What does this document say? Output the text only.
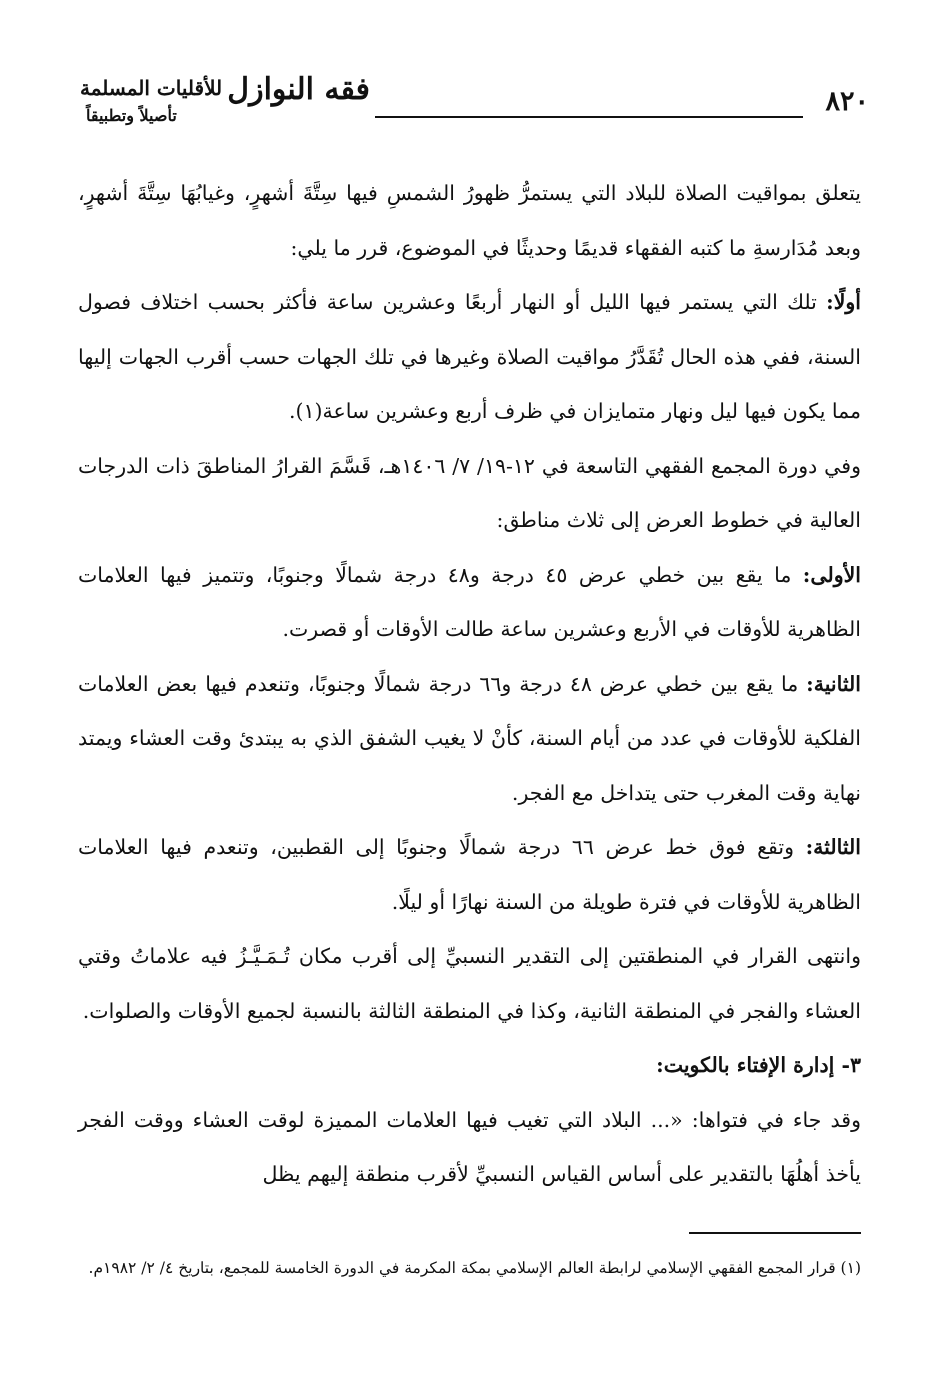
٨٢٠
فقه النوازل
للأقليات المسلمة
تأصيلاً وتطبيقاً

يتعلق بمواقيت الصلاة للبلاد التي يستمرُّ ظهورُ الشمسِ فيها سِتَّةَ أشهرٍ، وغيابُهَا سِتَّةَ أشهرٍ، وبعد مُدَارسةِ ما كتبه الفقهاء قديمًا وحديثًا في الموضوع، قرر ما يلي:

أولًا: تلك التي يستمر فيها الليل أو النهار أربعًا وعشرين ساعة فأكثر بحسب اختلاف فصول السنة، ففي هذه الحال تُقَدَّرُ مواقيت الصلاة وغيرها في تلك الجهات حسب أقرب الجهات إليها مما يكون فيها ليل ونهار متمايزان في ظرف أربع وعشرين ساعة(١).

وفي دورة المجمع الفقهي التاسعة في ١٢-١٩/ ٧/ ١٤٠٦هـ، قَسَّمَ القرارُ المناطقَ ذات الدرجات العالية في خطوط العرض إلى ثلاث مناطق:

الأولى: ما يقع بين خطي عرض ٤٥ درجة و٤٨ درجة شمالًا وجنوبًا، وتتميز فيها العلامات الظاهرية للأوقات في الأربع وعشرين ساعة طالت الأوقات أو قصرت.

الثانية: ما يقع بين خطي عرض ٤٨ درجة و٦٦ درجة شمالًا وجنوبًا، وتنعدم فيها بعض العلامات الفلكية للأوقات في عدد من أيام السنة، كأنْ لا يغيب الشفق الذي به يبتدئ وقت العشاء ويمتد نهاية وقت المغرب حتى يتداخل مع الفجر.

الثالثة: وتقع فوق خط عرض ٦٦ درجة شمالًا وجنوبًا إلى القطبين، وتنعدم فيها العلامات الظاهرية للأوقات في فترة طويلة من السنة نهارًا أو ليلًا.

وانتهى القرار في المنطقتين إلى التقدير النسبيِّ إلى أقرب مكان تُـمَـيَّـزُ فيه علاماتُ وقتي العشاء والفجر في المنطقة الثانية، وكذا في المنطقة الثالثة بالنسبة لجميع الأوقات والصلوات.

٣- إدارة الإفتاء بالكويت:

وقد جاء في فتواها: «... البلاد التي تغيب فيها العلامات المميزة لوقت العشاء ووقت الفجر يأخذ أهلُهَا بالتقدير على أساس القياس النسبيِّ لأقرب منطقة إليهم يظل

(١) قرار المجمع الفقهي الإسلامي لرابطة العالم الإسلامي بمكة المكرمة في الدورة الخامسة للمجمع، بتاريخ ٤/ ٢/ ١٩٨٢م.
